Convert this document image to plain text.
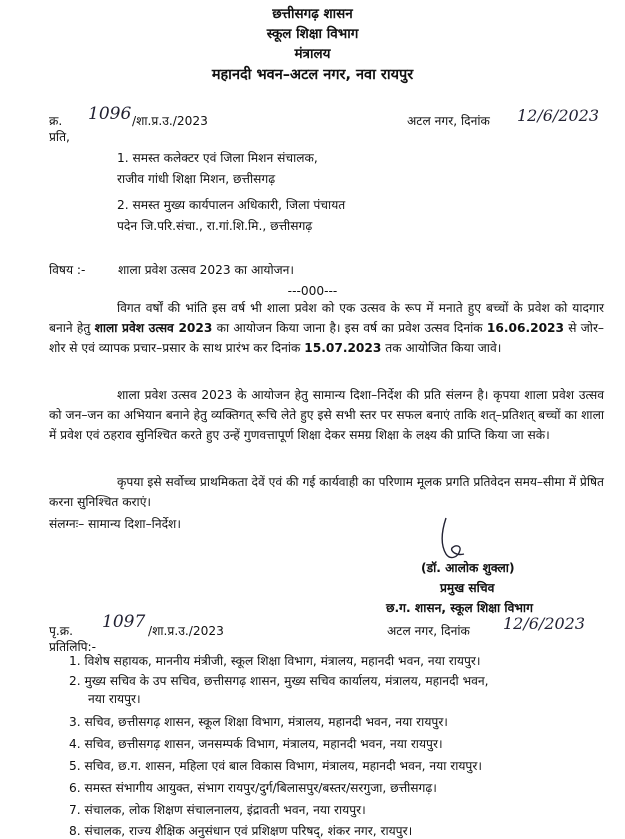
छत्तीसगढ़ शासन
स्कूल शिक्षा विभाग
मंत्रालय
महानदी भवन–अटल नगर, नवा रायपुर
क्र. 1096 /शा.प्र.उ./2023	अटल नगर, दिनांक 12/6/2023
प्रति,
1. समस्त कलेक्टर एवं जिला मिशन संचालक,
राजीव गांधी शिक्षा मिशन, छत्तीसगढ़
2. समस्त मुख्य कार्यपालन अधिकारी, जिला पंचायत
पदेन जि.परि.संचा., रा.गां.शि.मि., छत्तीसगढ़
विषय :-	शाला प्रवेश उत्सव 2023 का आयोजन।
---000---
विगत वर्षों की भांति इस वर्ष भी शाला प्रवेश को एक उत्सव के रूप में मनाते हुए बच्चों के प्रवेश को यादगार बनाने हेतु शाला प्रवेश उत्सव 2023 का आयोजन किया जाना है। इस वर्ष का प्रवेश उत्सव दिनांक 16.06.2023 से जोर–शोर से एवं व्यापक प्रचार–प्रसार के साथ प्रारंभ कर दिनांक 15.07.2023 तक आयोजित किया जावे।
शाला प्रवेश उत्सव 2023 के आयोजन हेतु सामान्य दिशा–निर्देश की प्रति संलग्न है। कृपया शाला प्रवेश उत्सव को जन–जन का अभियान बनाने हेतु व्यक्तिगत् रूचि लेते हुए इसे सभी स्तर पर सफल बनाएं ताकि शत्–प्रतिशत् बच्चों का शाला में प्रवेश एवं ठहराव सुनिश्चित करते हुए उन्हें गुणवत्तापूर्ण शिक्षा देकर समग्र शिक्षा के लक्ष्य की प्राप्ति किया जा सके।
कृपया इसे सर्वोच्च प्राथमिकता देवें एवं की गई कार्यवाही का परिणाम मूलक प्रगति प्रतिवेदन समय–सीमा में प्रेषित करना सुनिश्चित कराएं।
संलग्नः– सामान्य दिशा–निर्देश।
(डॉ. आलोक शुक्ला)
प्रमुख सचिव
छ.ग. शासन, स्कूल शिक्षा विभाग
पृ.क्र. 1097 /शा.प्र.उ./2023	अटल नगर, दिनांक 12/6/2023
प्रतिलिपि:-
1. विशेष सहायक, माननीय मंत्रीजी, स्कूल शिक्षा विभाग, मंत्रालय, महानदी भवन, नया रायपुर।
2. मुख्य सचिव के उप सचिव, छत्तीसगढ़ शासन, मुख्य सचिव कार्यालय, मंत्रालय, महानदी भवन,
नया रायपुर।
3. सचिव, छत्तीसगढ़ शासन, स्कूल शिक्षा विभाग, मंत्रालय, महानदी भवन, नया रायपुर।
4. सचिव, छत्तीसगढ़ शासन, जनसम्पर्क विभाग, मंत्रालय, महानदी भवन, नया रायपुर।
5. सचिव, छ.ग. शासन, महिला एवं बाल विकास विभाग, मंत्रालय, महानदी भवन, नया रायपुर।
6. समस्त संभागीय आयुक्त, संभाग रायपुर/दुर्ग/बिलासपुर/बस्तर/सरगुजा, छत्तीसगढ़।
7. संचालक, लोक शिक्षण संचालनालय, इंद्रावती भवन, नया रायपुर।
8. संचालक, राज्य शैक्षिक अनुसंधान एवं प्रशिक्षण परिषद्, शंकर नगर, रायपुर।
